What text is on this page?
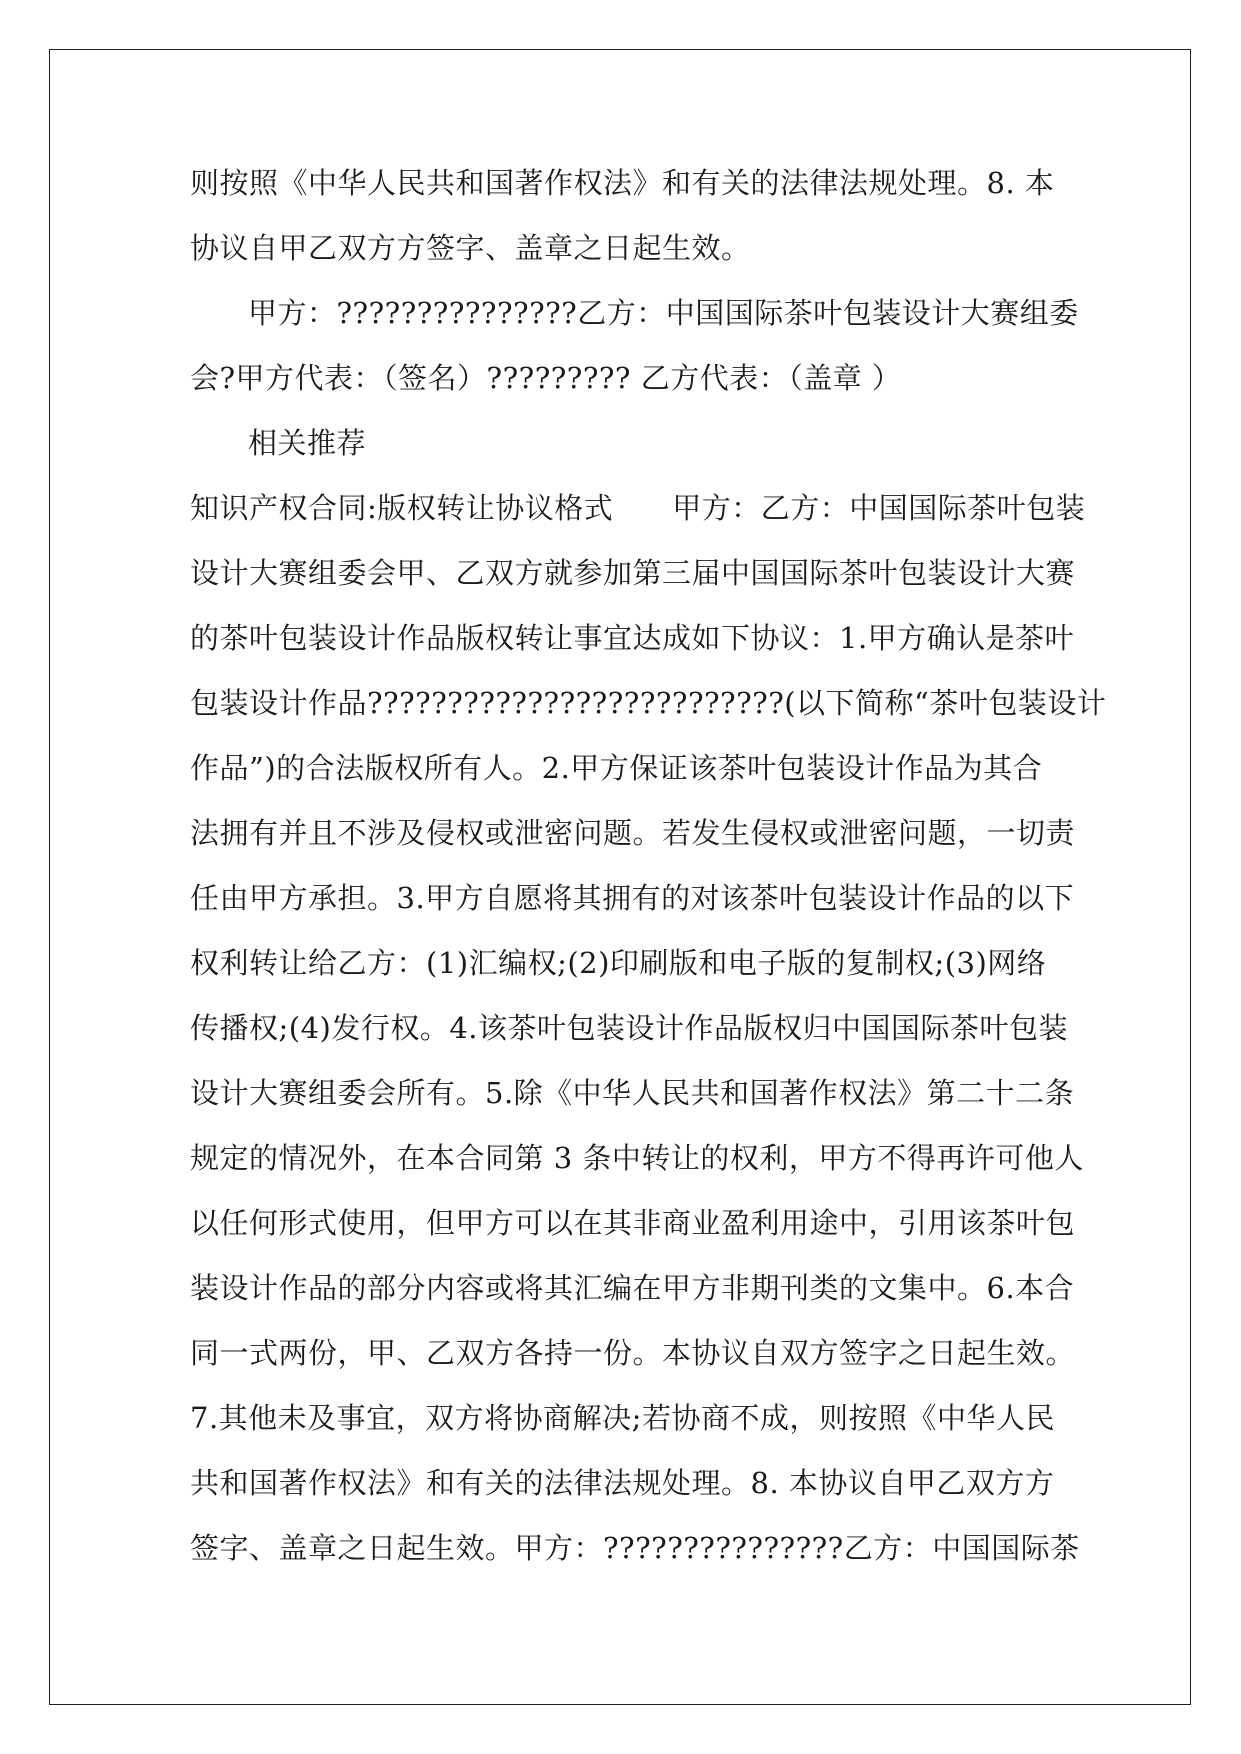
则按照《中华人民共和国著作权法》和有关的法律法规处理。8. 本
协议自甲乙双方方签字、盖章之日起生效。
甲方：???????????????乙方：中国国际茶叶包装设计大赛组委
会?甲方代表：（签名）????????? 乙方代表：（盖章 ）
相关推荐
知识产权合同:版权转让协议格式　　甲方：乙方：中国国际茶叶包装
设计大赛组委会甲、乙双方就参加第三届中国国际茶叶包装设计大赛
的茶叶包装设计作品版权转让事宜达成如下协议：1.甲方确认是茶叶
包装设计作品??????????????????????????(以下简称“茶叶包装设计
作品”)的合法版权所有人。2.甲方保证该茶叶包装设计作品为其合
法拥有并且不涉及侵权或泄密问题。若发生侵权或泄密问题，一切责
任由甲方承担。3.甲方自愿将其拥有的对该茶叶包装设计作品的以下
权利转让给乙方：(1)汇编权;(2)印刷版和电子版的复制权;(3)网络
传播权;(4)发行权。4.该茶叶包装设计作品版权归中国国际茶叶包装
设计大赛组委会所有。5.除《中华人民共和国著作权法》第二十二条
规定的情况外，在本合同第 3 条中转让的权利，甲方不得再许可他人
以任何形式使用，但甲方可以在其非商业盈利用途中，引用该茶叶包
装设计作品的部分内容或将其汇编在甲方非期刊类的文集中。6.本合
同一式两份，甲、乙双方各持一份。本协议自双方签字之日起生效。
7.其他未及事宜，双方将协商解决;若协商不成，则按照《中华人民
共和国著作权法》和有关的法律法规处理。8. 本协议自甲乙双方方
签字、盖章之日起生效。甲方：???????????????乙方：中国国际茶
